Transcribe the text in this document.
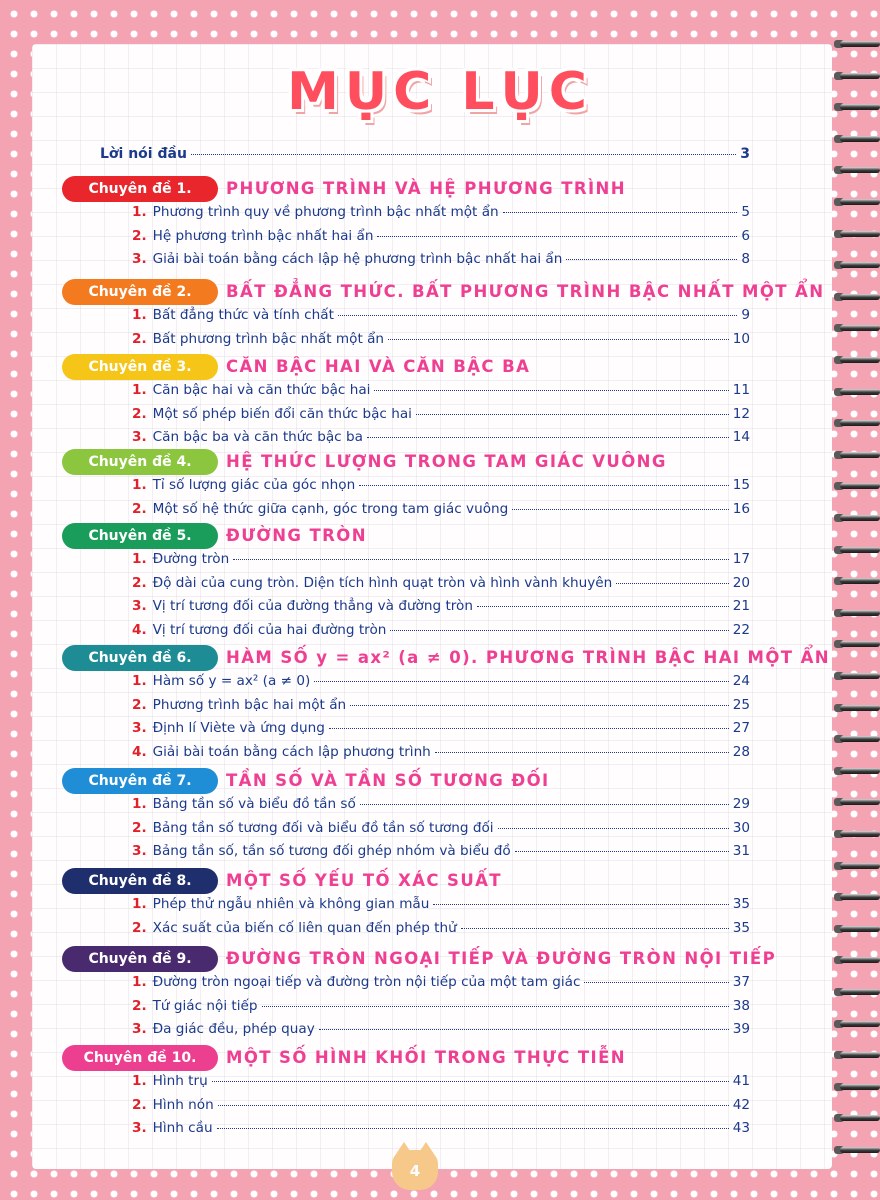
MỤC LỤC
Lời nói đầu	3
Chuyên đề 1.	PHƯƠNG TRÌNH VÀ HỆ PHƯƠNG TRÌNH
1. Phương trình quy về phương trình bậc nhất một ẩn	5
2. Hệ phương trình bậc nhất hai ẩn	6
3. Giải bài toán bằng cách lập hệ phương trình bậc nhất hai ẩn	8
Chuyên đề 2.	BẤT ĐẲNG THỨC. BẤT PHƯƠNG TRÌNH BẬC NHẤT MỘT ẨN
1. Bất đẳng thức và tính chất	9
2. Bất phương trình bậc nhất một ẩn	10
Chuyên đề 3.	CĂN BẬC HAI VÀ CĂN BẬC BA
1. Căn bậc hai và căn thức bậc hai	11
2. Một số phép biến đổi căn thức bậc hai	12
3. Căn bậc ba và căn thức bậc ba	14
Chuyên đề 4.	HỆ THỨC LƯỢNG TRONG TAM GIÁC VUÔNG
1. Tỉ số lượng giác của góc nhọn	15
2. Một số hệ thức giữa cạnh, góc trong tam giác vuông	16
Chuyên đề 5.	ĐƯỜNG TRÒN
1. Đường tròn	17
2. Độ dài của cung tròn. Diện tích hình quạt tròn và hình vành khuyên	20
3. Vị trí tương đối của đường thẳng và đường tròn	21
4. Vị trí tương đối của hai đường tròn	22
Chuyên đề 6.	HÀM SỐ y = ax² (a ≠ 0). PHƯƠNG TRÌNH BẬC HAI MỘT ẨN
1. Hàm số y = ax² (a ≠ 0)	24
2. Phương trình bậc hai một ẩn	25
3. Định lí Viète và ứng dụng	27
4. Giải bài toán bằng cách lập phương trình	28
Chuyên đề 7.	TẦN SỐ VÀ TẦN SỐ TƯƠNG ĐỐI
1. Bảng tần số và biểu đồ tần số	29
2. Bảng tần số tương đối và biểu đồ tần số tương đối	30
3. Bảng tần số, tần số tương đối ghép nhóm và biểu đồ	31
Chuyên đề 8.	MỘT SỐ YẾU TỐ XÁC SUẤT
1. Phép thử ngẫu nhiên và không gian mẫu	35
2. Xác suất của biến cố liên quan đến phép thử	35
Chuyên đề 9.	ĐƯỜNG TRÒN NGOẠI TIẾP VÀ ĐƯỜNG TRÒN NỘI TIẾP
1. Đường tròn ngoại tiếp và đường tròn nội tiếp của một tam giác	37
2. Tứ giác nội tiếp	38
3. Đa giác đều, phép quay	39
Chuyên đề 10.	MỘT SỐ HÌNH KHỐI TRONG THỰC TIỄN
1. Hình trụ	41
2. Hình nón	42
3. Hình cầu	43
4
